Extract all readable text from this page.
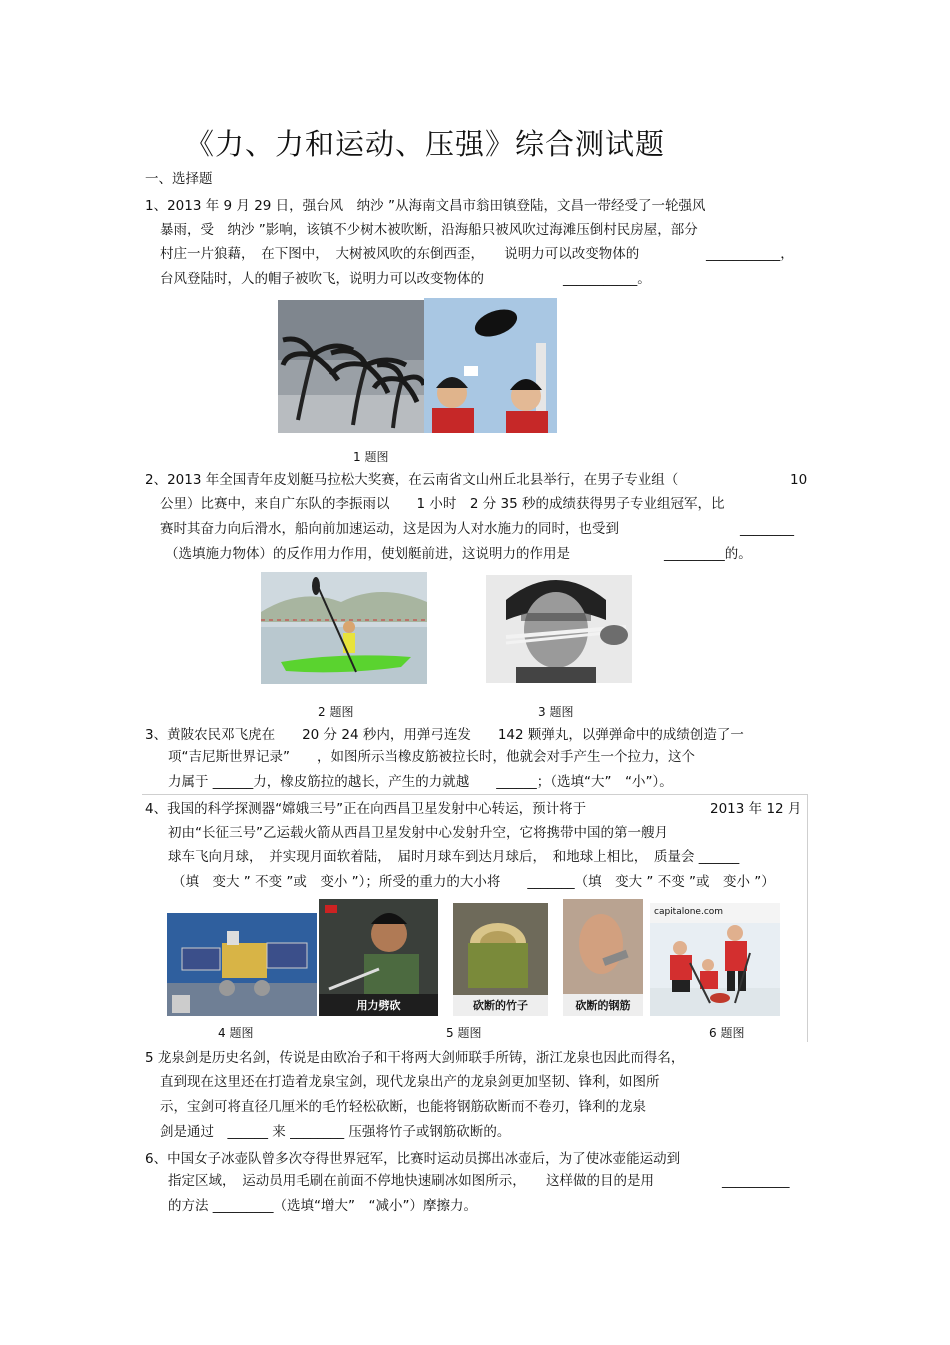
《力、力和运动、压强》综合测试题
一、选择题
1、2013 年 9 月 29 日，强台风　纳沙 ”从海南文昌市翁田镇登陆，文昌一带经受了一轮强风
暴雨，受　纳沙 ”影响，该镇不少树木被吹断，沿海船只被风吹过海滩压倒村民房屋，部分
村庄一片狼藉，　在下图中，　大树被风吹的东倒西歪，　　说明力可以改变物体的	___________，
台风登陆时，人的帽子被吹飞，说明力可以改变物体的	___________。
1 题图
2、2013 年全国青年皮划艇马拉松大奖赛，在云南省文山州丘北县举行，在男子专业组（	10
公里）比赛中，来自广东队的李振雨以　　1 小时　2 分 35 秒的成绩获得男子专业组冠军，比
赛时其奋力向后滑水，船向前加速运动，这是因为人对水施力的同时，也受到	________
（选填施力物体）的反作用力作用，使划艇前进，这说明力的作用是	_________的。
2 题图	3 题图
3、黄陂农民邓飞虎在　　20 分 24 秒内，用弹弓连发　　142 颗弹丸，以弹弹命中的成绩创造了一
项“吉尼斯世界记录”　　，如图所示当橡皮筋被拉长时，他就会对手产生一个拉力，这个
力属于 ______力，橡皮筋拉的越长，产生的力就越　　______；（选填“大”　“小”）。
4、我国的科学探测器“嫦娥三号”正在向西昌卫星发射中心转运，预计将于	2013 年 12 月
初由“长征三号”乙运载火箭从西昌卫星发射中心发射升空，它将携带中国的第一艘月
球车飞向月球，　并实现月面软着陆，　届时月球车到达月球后，　和地球上相比，　质量会 ______
（填　变大 ” 不变 ”或　变小 ”）；所受的重力的大小将　　_______（填　变大 ” 不变 ”或　变小 ”）
用力劈砍	砍断的竹子	砍断的钢筋
capitalone.com
4 题图	5 题图	6 题图
5 龙泉剑是历史名剑，传说是由欧冶子和干将两大剑师联手所铸，浙江龙泉也因此而得名，
直到现在这里还在打造着龙泉宝剑，现代龙泉出产的龙泉剑更加坚韧、锋利，如图所
示，宝剑可将直径几厘米的毛竹轻松砍断，也能将钢筋砍断而不卷刃，锋利的龙泉
剑是通过　______ 来 ________ 压强将竹子或钢筋砍断的。
6、中国女子冰壶队曾多次夺得世界冠军，比赛时运动员掷出冰壶后，为了使冰壶能运动到
指定区域，　运动员用毛刷在前面不停地快速刷冰如图所示，　　这样做的目的是用	__________
的方法 _________（选填“增大”　“减小”）摩擦力。
